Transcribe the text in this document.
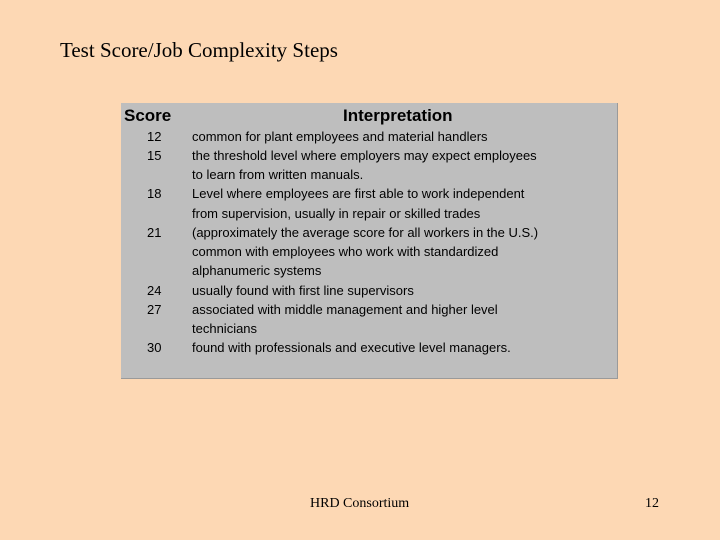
Test Score/Job Complexity Steps
Score	Interpretation
12 common for plant employees and material handlers
15 the threshold level where employers may expect employees
to learn from written manuals.
18 Level where employees are first able to work independent
from supervision, usually in repair or skilled trades
21 (approximately the average score for all workers in the U.S.)
common with employees who work with standardized
alphanumeric systems
24 usually found with first line supervisors
27 associated with middle management and higher level
technicians
30 found with professionals and executive level managers.
HRD Consortium	12
